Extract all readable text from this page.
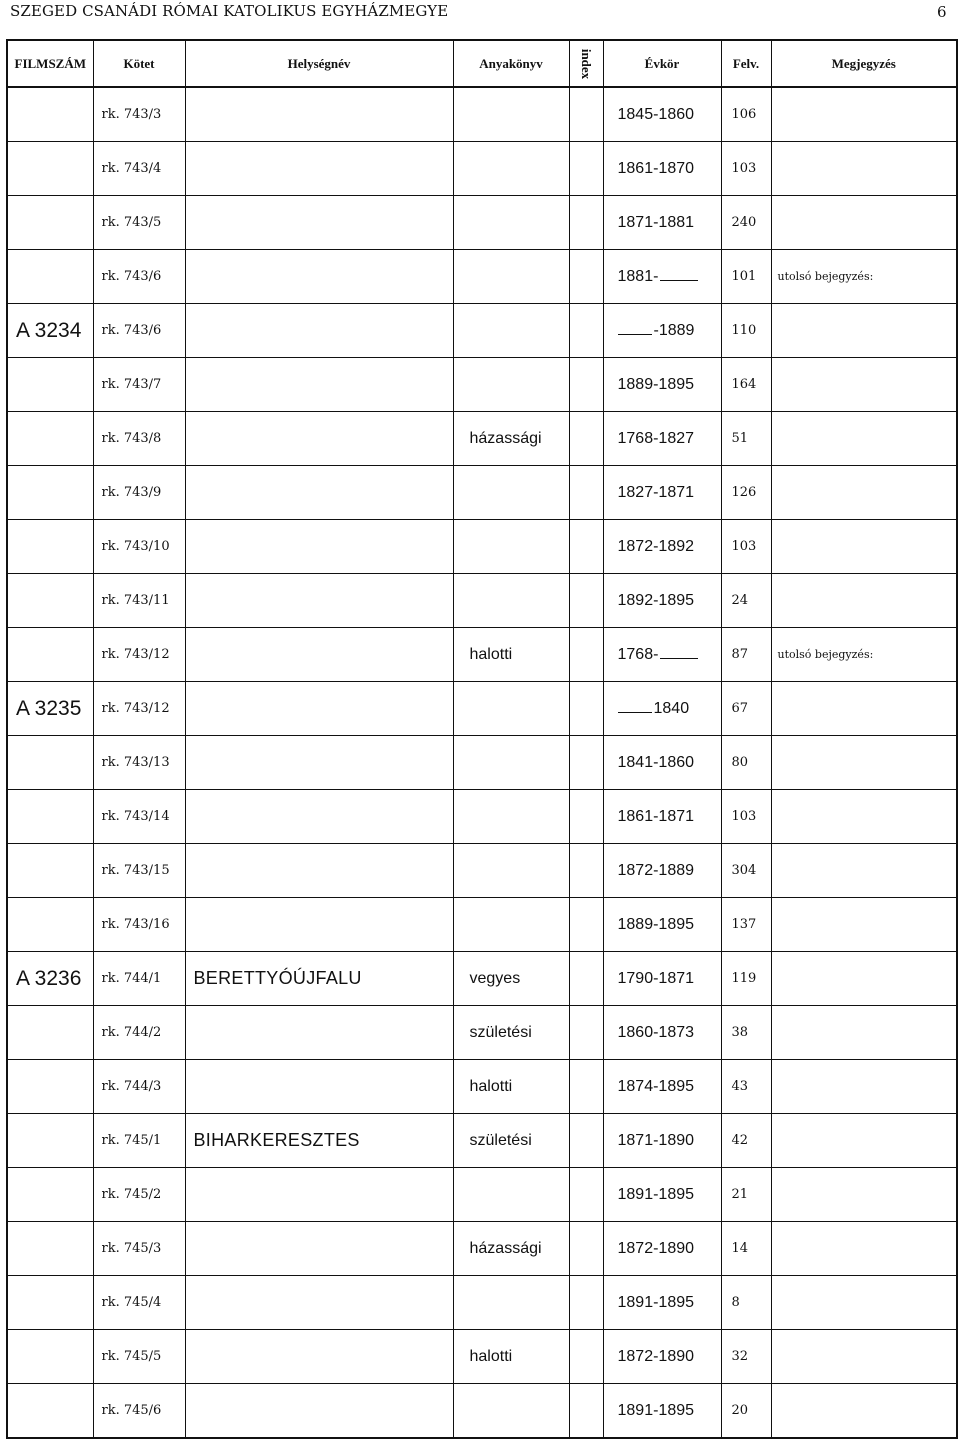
SZEGED CSANÁDI RÓMAI KATOLIKUS EGYHÁZMEGYE	6
FILMSZÁM	Kötet	Helységnév	Anyakönyv	index	Évkör	Felv.	Megjegyzés
	rk. 743/3				1845-1860	106	
	rk. 743/4				1861-1870	103	
	rk. 743/5				1871-1881	240	
	rk. 743/6				1881-	101	utolsó bejegyzés:
A 3234	rk. 743/6				-1889	110	
	rk. 743/7				1889-1895	164	
	rk. 743/8		házassági		1768-1827	51	
	rk. 743/9				1827-1871	126	
	rk. 743/10				1872-1892	103	
	rk. 743/11				1892-1895	24	
	rk. 743/12		halotti		1768-	87	utolsó bejegyzés:
A 3235	rk. 743/12				1840	67	
	rk. 743/13				1841-1860	80	
	rk. 743/14				1861-1871	103	
	rk. 743/15				1872-1889	304	
	rk. 743/16				1889-1895	137	
A 3236	rk. 744/1	BERETTYÓÚJFALU	vegyes		1790-1871	119	
	rk. 744/2		születési		1860-1873	38	
	rk. 744/3		halotti		1874-1895	43	
	rk. 745/1	BIHARKERESZTES	születési		1871-1890	42	
	rk. 745/2				1891-1895	21	
	rk. 745/3		házassági		1872-1890	14	
	rk. 745/4				1891-1895	8	
	rk. 745/5		halotti		1872-1890	32	
	rk. 745/6				1891-1895	20	
